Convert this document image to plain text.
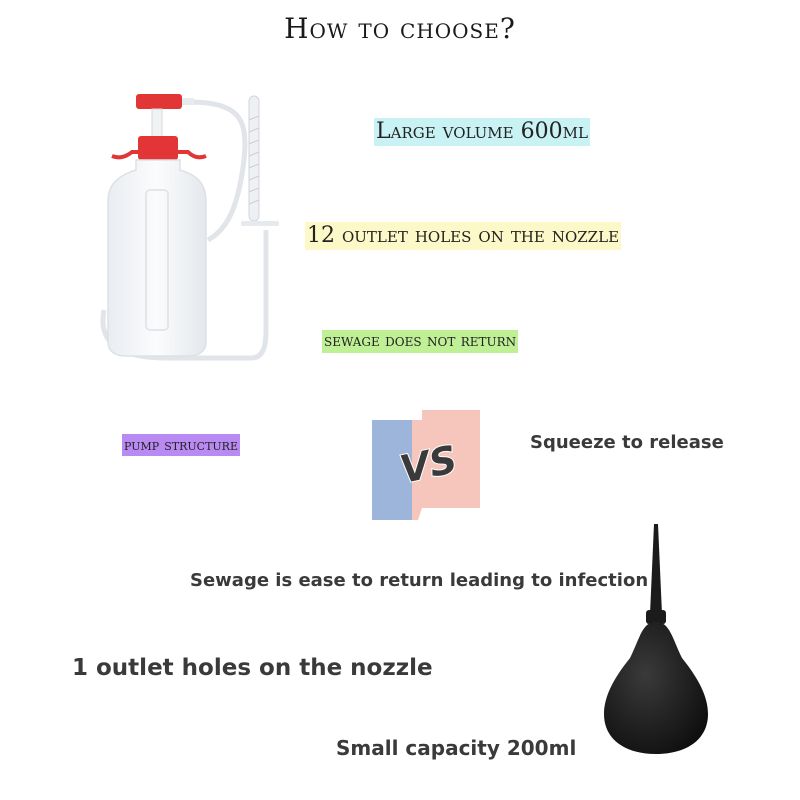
How to choose?
Large volume 600ml
12 outlet holes on the nozzle
sewage does not return
pump structure	VS	Squeeze to release
Sewage is ease to return leading to infection
1 outlet holes on the nozzle
Small capacity 200ml
